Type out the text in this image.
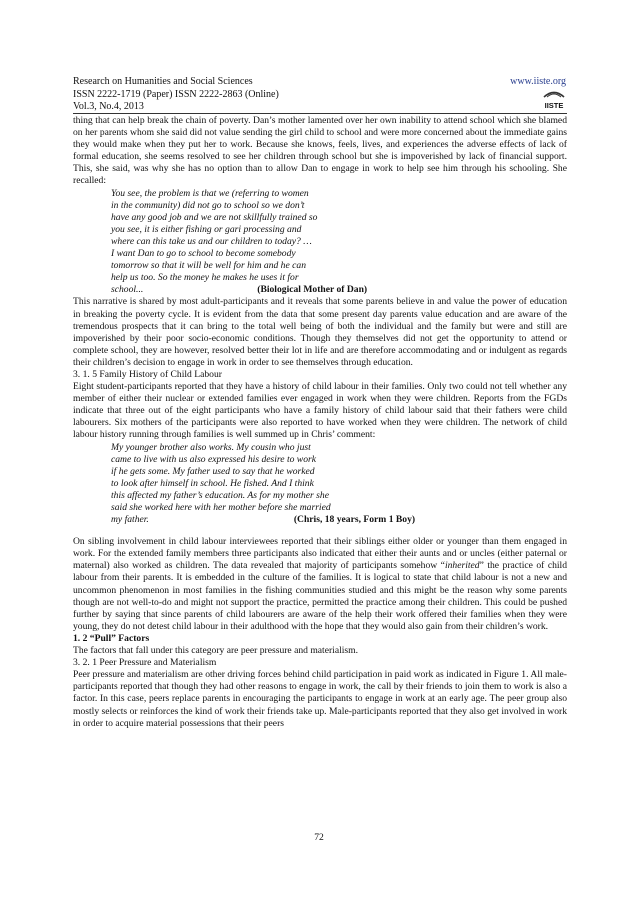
Research on Humanities and Social Sciences
ISSN 2222-1719 (Paper) ISSN 2222-2863 (Online)
Vol.3, No.4, 2013
www.iiste.org
IISTE

thing that can help break the chain of poverty. Dan’s mother lamented over her own inability to attend school which she blamed on her parents whom she said did not value sending the girl child to school and were more concerned about the immediate gains they would make when they put her to work. Because she knows, feels, lives, and experiences the adverse effects of lack of formal education, she seems resolved to see her children through school but she is impoverished by lack of financial support. This, she said, was why she has no option than to allow Dan to engage in work to help see him through his schooling. She recalled:

You see, the problem is that we (referring to women
in the community) did not go to school so we don’t
have any good job and we are not skillfully trained so
you see, it is either fishing or gari processing and
where can this take us and our children to today? …
I want Dan to go to school to become somebody
tomorrow so that it will be well for him and he can
help us too. So the money he makes he uses it for
school...	(Biological Mother of Dan)

This narrative is shared by most adult-participants and it reveals that some parents believe in and value the power of education in breaking the poverty cycle. It is evident from the data that some present day parents value education and are aware of the tremendous prospects that it can bring to the total well being of both the individual and the family but were and still are impoverished by their poor socio-economic conditions. Though they themselves did not get the opportunity to attend or complete school, they are however, resolved better their lot in life and are therefore accommodating and or indulgent as regards their children’s decision to engage in work in order to see themselves through education.

3. 1. 5 Family History of Child Labour

Eight student-participants reported that they have a history of child labour in their families. Only two could not tell whether any member of either their nuclear or extended families ever engaged in work when they were children. Reports from the FGDs indicate that three out of the eight participants who have a family history of child labour said that their fathers were child labourers. Six mothers of the participants were also reported to have worked when they were children. The network of child labour history running through families is well summed up in Chris’ comment:

My younger brother also works. My cousin who just
came to live with us also expressed his desire to work
if he gets some. My father used to say that he worked
to look after himself in school. He fished. And I think
this affected my father’s education. As for my mother she
said she worked here with her mother before she married
my father.	(Chris, 18 years, Form 1 Boy)

On sibling involvement in child labour interviewees reported that their siblings either older or younger than them engaged in work. For the extended family members three participants also indicated that either their aunts and or uncles (either paternal or maternal) also worked as children. The data revealed that majority of participants somehow “inherited” the practice of child labour from their parents. It is embedded in the culture of the families. It is logical to state that child labour is not a new and uncommon phenomenon in most families in the fishing communities studied and this might be the reason why some parents though are not well-to-do and might not support the practice, permitted the practice among their children. This could be pushed further by saying that since parents of child labourers are aware of the help their work offered their families when they were young, they do not detest child labour in their adulthood with the hope that they would also gain from their children’s work.

1. 2 “Pull” Factors

The factors that fall under this category are peer pressure and materialism.

3. 2. 1 Peer Pressure and Materialism

Peer pressure and materialism are other driving forces behind child participation in paid work as indicated in Figure 1. All male-participants reported that though they had other reasons to engage in work, the call by their friends to join them to work is also a factor. In this case, peers replace parents in encouraging the participants to engage in work at an early age. The peer group also mostly selects or reinforces the kind of work their friends take up. Male-participants reported that they also get involved in work in order to acquire material possessions that their peers

72
